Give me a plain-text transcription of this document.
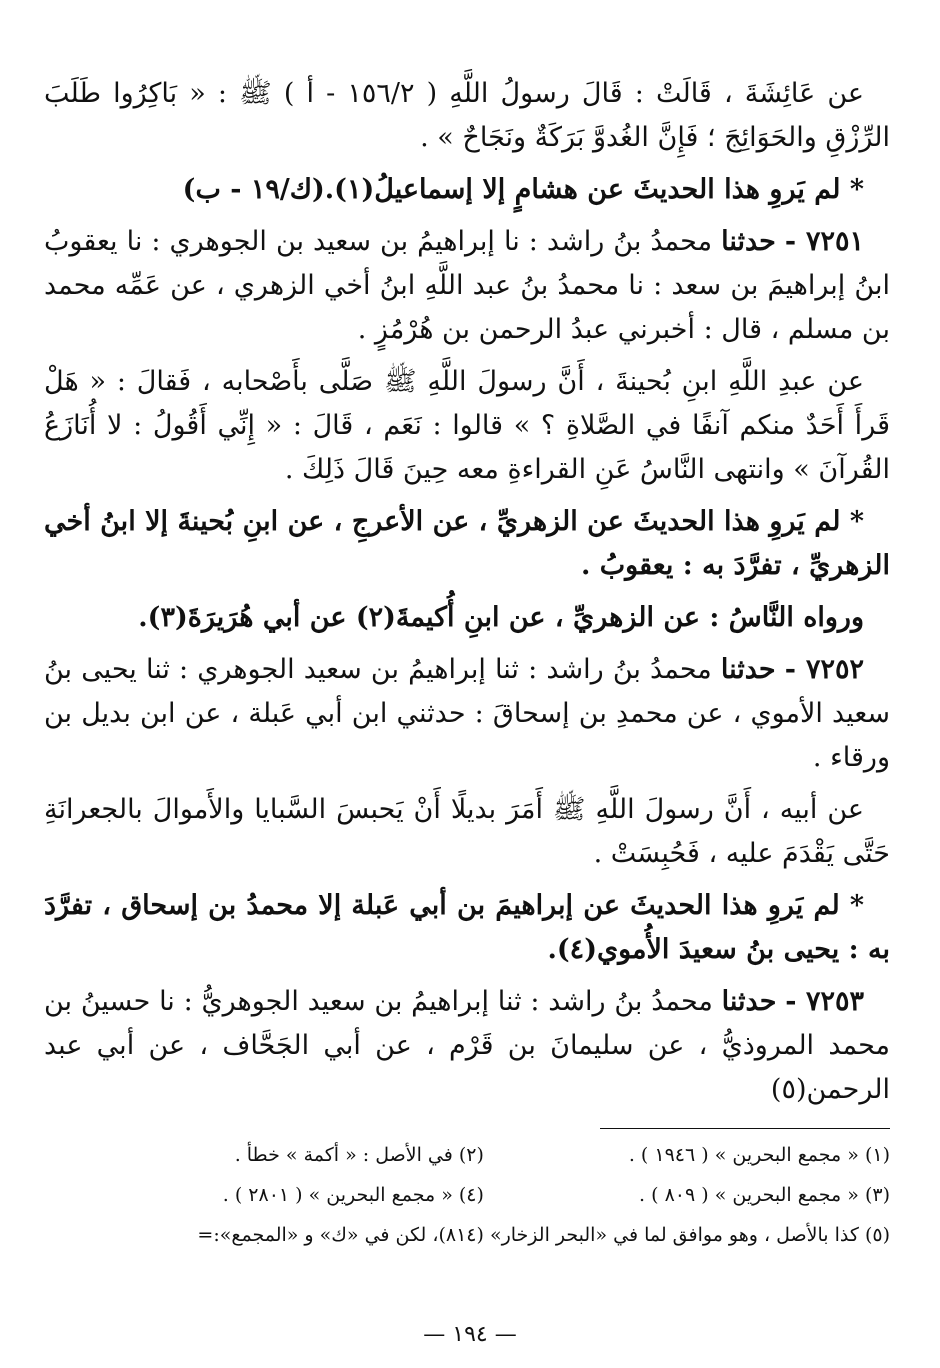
عن عَائِشَةَ ، قَالَتْ : قَالَ رسولُ اللَّهِ ( ١٥٦/٢ - أ ) ﷺ : « بَاكِرُوا طَلَبَ الرِّزْقِ والحَوَائِجَ ؛ فَإِنَّ الغُدوَّ بَرَكَةٌ ونَجَاحٌ » .

* لم يَروِ هذا الحديثَ عن هشامٍ إلا إسماعيلُ(١).(ك/١٩ - ب)

٧٢٥١ - حدثنا محمدُ بنُ راشد : نا إبراهيمُ بن سعيد بن الجوهري : نا يعقوبُ ابنُ إبراهيمَ بن سعد : نا محمدُ بنُ عبد اللَّهِ ابنُ أخي الزهري ، عن عَمِّه محمد بن مسلم ، قال : أخبرني عبدُ الرحمن بن هُرْمُزٍ .

عن عبدِ اللَّهِ ابنِ بُحينةَ ، أَنَّ رسولَ اللَّهِ ﷺ صَلَّى بأَصْحابه ، فَقالَ : « هَلْ قَرأَ أَحَدٌ منكم آنفًا في الصَّلاةِ ؟ » قالوا : نَعَم ، قَالَ : « إِنِّي أَقُولُ : لا أُنَازَعُ القُرآنَ » وانتهى النَّاسُ عَنِ القراءةِ معه حِينَ قَالَ ذَلِكَ .

* لم يَروِ هذا الحديثَ عن الزهريِّ ، عن الأعرجِ ، عن ابنِ بُحينةَ إلا ابنُ أخي الزهريِّ ، تفرَّدَ به : يعقوبُ .

ورواه النَّاسُ : عن الزهريِّ ، عن ابنِ أُكيمةَ(٢) عن أبي هُرَيرَةَ(٣).

٧٢٥٢ - حدثنا محمدُ بنُ راشد : ثنا إبراهيمُ بن سعيد الجوهري : ثنا يحيى بنُ سعيد الأموي ، عن محمدِ بن إسحاقَ : حدثني ابن أبي عَبلة ، عن ابن بديل بن ورقاء .

عن أبيه ، أَنَّ رسولَ اللَّهِ ﷺ أَمَرَ بديلًا أَنْ يَحبسَ السَّبايا والأَموالَ بالجعرانَةِ حَتَّى يَقْدَمَ عليه ، فَحُبِسَتْ .

* لم يَروِ هذا الحديثَ عن إبراهيمَ بن أبي عَبلة إلا محمدُ بن إسحاق ، تفرَّدَ به : يحيى بنُ سعيدَ الأُموي(٤).

٧٢٥٣ - حدثنا محمدُ بنُ راشد : ثنا إبراهيمُ بن سعيد الجوهريُّ : نا حسينُ بن محمد المروذيُّ ، عن سليمانَ بن قَرْم ، عن أبي الجَحَّاف ، عن أبي عبد الرحمن(٥)

(١) « مجمع البحرين » ( ١٩٤٦ ) .
(٢) في الأصل : « أكمة » خطأ .
(٣) « مجمع البحرين » ( ٨٠٩ ) .
(٤) « مجمع البحرين » ( ٢٨٠١ ) .
(٥) كذا بالأصل ، وهو موافق لما في «البحر الزخار» (٨١٤)، لكن في «ك» و «المجمع»:=
— ١٩٤ —
